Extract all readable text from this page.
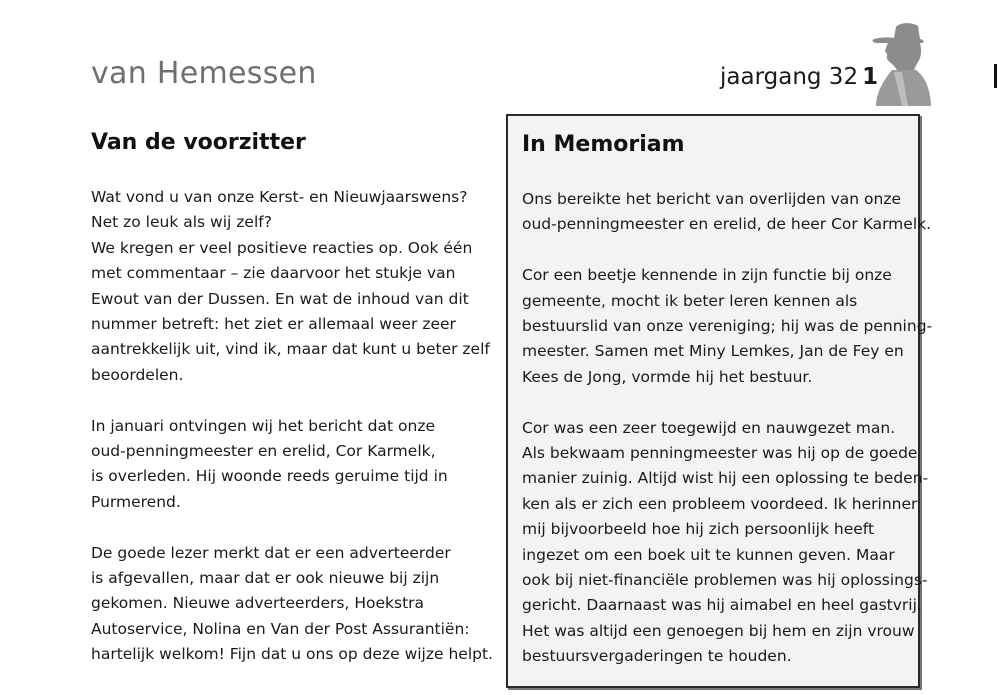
van Hemessen	jaargang 32 1
Van de voorzitter
Wat vond u van onze Kerst- en Nieuwjaarswens?
Net zo leuk als wij zelf?
We kregen er veel positieve reacties op. Ook één
met commentaar – zie daarvoor het stukje van
Ewout van der Dussen. En wat de inhoud van dit
nummer betreft: het ziet er allemaal weer zeer
aantrekkelijk uit, vind ik, maar dat kunt u beter zelf
beoordelen.
In januari ontvingen wij het bericht dat onze
oud-penningmeester en erelid, Cor Karmelk,
is overleden. Hij woonde reeds geruime tijd in
Purmerend.
De goede lezer merkt dat er een adverteerder
is afgevallen, maar dat er ook nieuwe bij zijn
gekomen. Nieuwe adverteerders, Hoekstra
Autoservice, Nolina en Van der Post Assurantiën:
hartelijk welkom! Fijn dat u ons op deze wijze helpt.
In Memoriam
Ons bereikte het bericht van overlijden van onze
oud-penningmeester en erelid, de heer Cor Karmelk.
Cor een beetje kennende in zijn functie bij onze
gemeente, mocht ik beter leren kennen als
bestuurslid van onze vereniging; hij was de penning-
meester. Samen met Miny Lemkes, Jan de Fey en
Kees de Jong, vormde hij het bestuur.
Cor was een zeer toegewijd en nauwgezet man.
Als bekwaam penningmeester was hij op de goede
manier zuinig. Altijd wist hij een oplossing te beden-
ken als er zich een probleem voordeed. Ik herinner
mij bijvoorbeeld hoe hij zich persoonlijk heeft
ingezet om een boek uit te kunnen geven. Maar
ook bij niet-financiële problemen was hij oplossings-
gericht. Daarnaast was hij aimabel en heel gastvrij.
Het was altijd een genoegen bij hem en zijn vrouw
bestuursvergaderingen te houden.
